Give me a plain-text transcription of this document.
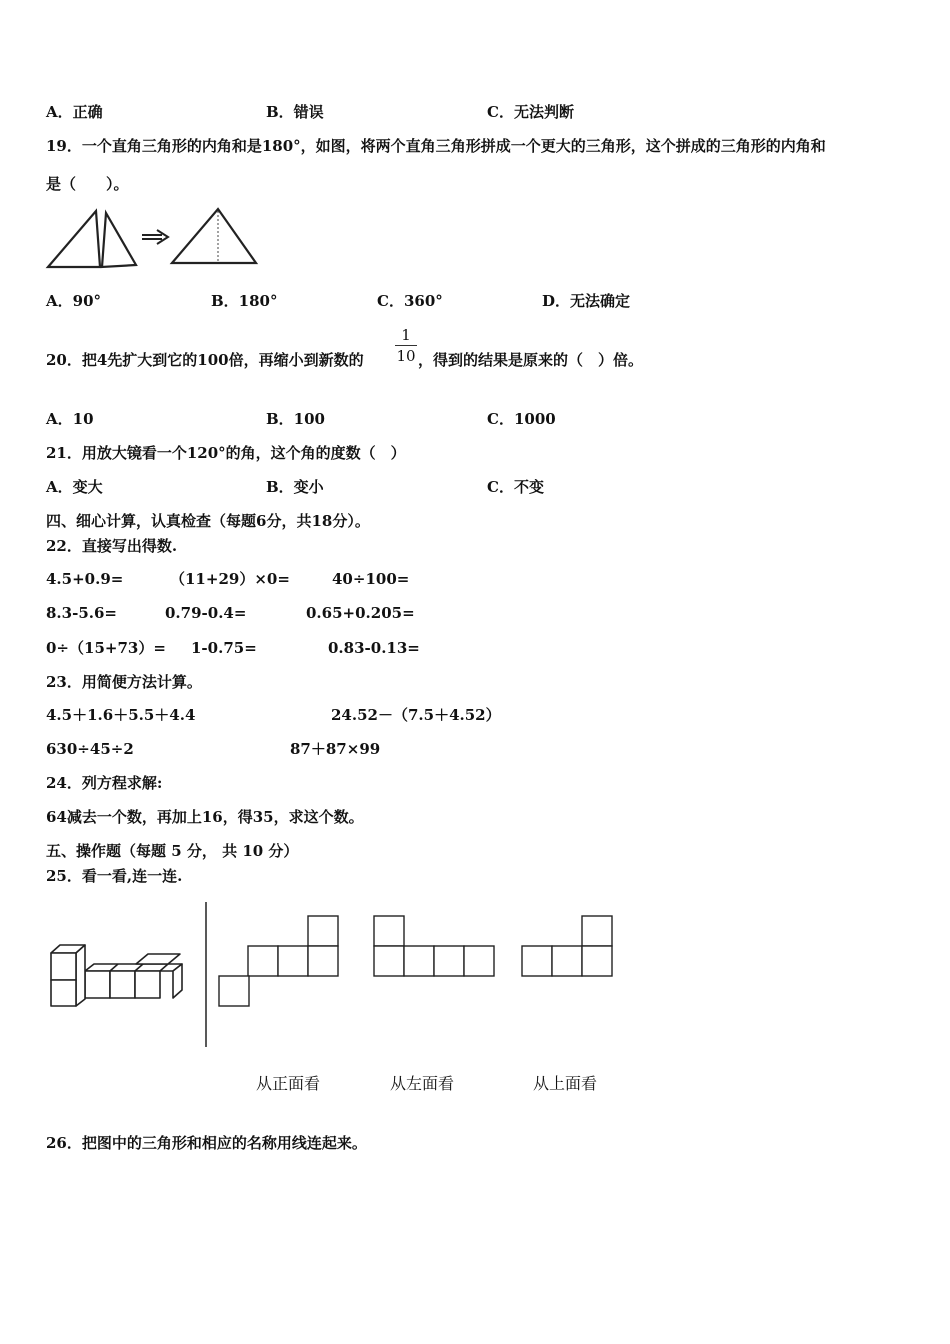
A．正确	B．错误	C．无法判断
19．一个直角三角形的内角和是180°，如图，将两个直角三角形拼成一个更大的三角形，这个拼成的三角形的内角和
是（　　）。
A．90°	B．180°	C．360°	D．无法确定
20．把4先扩大到它的100倍，再缩小到新数的
1
10 ，得到的结果是原来的（　）倍。
A．10	B．100	C．1000
21．用放大镜看一个120°的角，这个角的度数（　）
A．变大	B．变小	C．不变
四、细心计算，认真检查（每题6分，共18分）。
22．直接写出得数.
4.5+0.9=	（11+29）×0=	40÷100=
8.3-5.6=	0.79-0.4=	0.65+0.205=
0÷（15+73）= 1-0.75=	0.83-0.13=
23．用简便方法计算。
4.5＋1.6＋5.5＋4.4	24.52－（7.5＋4.52）
630÷45÷2	87＋87×99
24．列方程求解:
64减去一个数，再加上16，得35，求这个数。
五、操作题（每题 5 分， 共 10 分）
25．看一看,连一连.
从正面看	从左面看	从上面看
26．把图中的三角形和相应的名称用线连起来。
